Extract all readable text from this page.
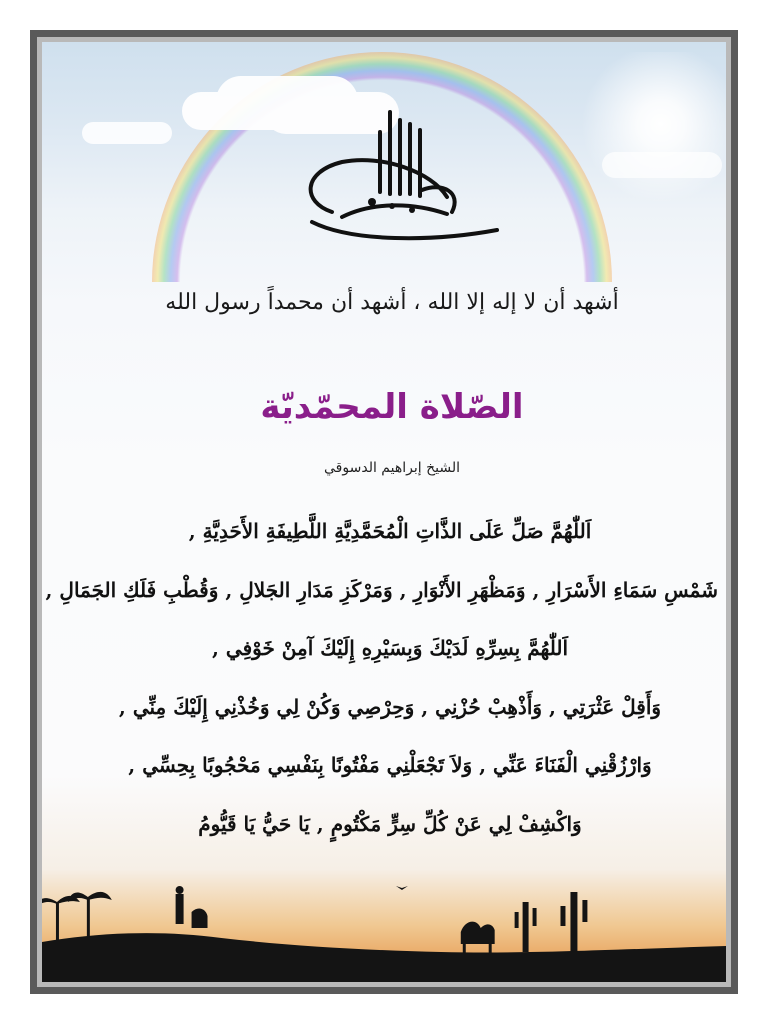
أشهد أن لا إله إلا الله ، أشهد أن محمداً رسول الله
الصّلاة المحمّديّة
الشيخ إبراهيم الدسوقي
اَللّٰهُمَّ صَلِّ عَلَى الذَّاتِ الْمُحَمَّدِيَّةِ اللَّطِيفَةِ الأَحَدِيَّةِ ,
شَمْسِ سَمَاءِ الأَسْرَارِ , وَمَظْهَرِ الأَنْوَارِ , وَمَرْكَزِ مَدَارِ الجَلالِ , وَقُطْبِ فَلَكِ الجَمَالِ ,
اَللّٰهُمَّ بِسِرِّهِ لَدَيْكَ وَبِسَيْرِهِ إِلَيْكَ آمِنْ خَوْفِي ,
وَأَقِلْ عَثْرَتِي , وَأَذْهِبْ حُزْنِي , وَحِرْصِي وَكُنْ لِي وَخُذْنِي إِلَيْكَ مِنِّي ,
وَارْزُقْنِي الْفَنَاءَ عَنِّي , وَلاَ تَجْعَلْنِي مَفْتُونًا بِنَفْسِي مَحْجُوبًا بِحِسِّي ,
وَاكْشِفْ لِي عَنْ كُلِّ سِرٍّ مَكْتُومٍ , يَا حَيُّ يَا قَيُّومُ
